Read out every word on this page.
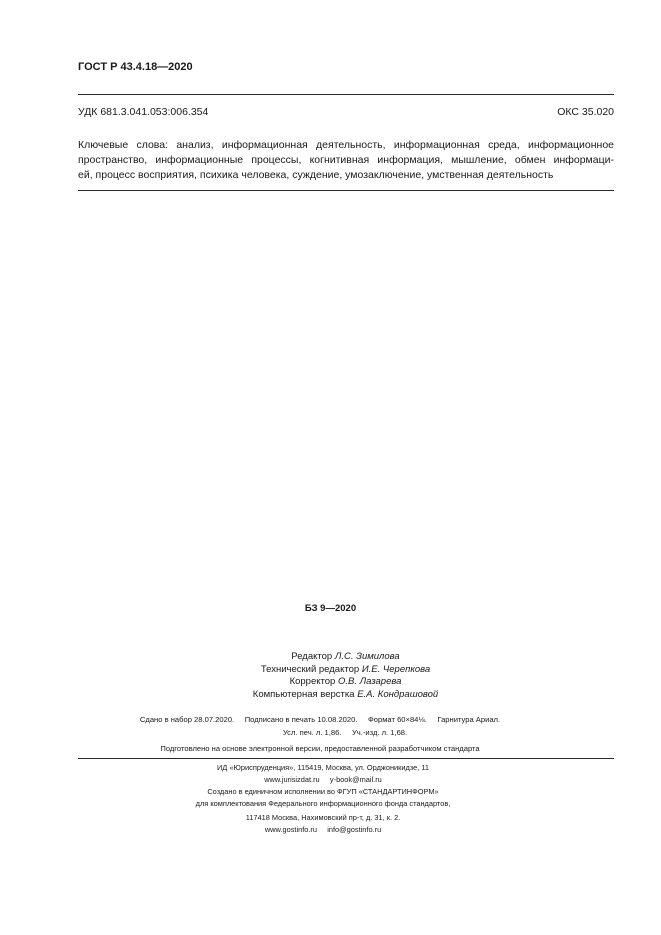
ГОСТ Р 43.4.18—2020
УДК 681.3.041.053:006.354	ОКС 35.020
Ключевые слова: анализ, информационная деятельность, информационная среда, информационное
пространство, информационные процессы, когнитивная информация, мышление, обмен информаци-
ей, процесс восприятия, психика человека, суждение, умозаключение, умственная деятельность
БЗ 9—2020
Редактор Л.С. Зимилова
Технический редактор И.Е. Черепкова
Корректор О.В. Лазарева
Компьютерная верстка Е.А. Кондрашовой
Сдано в набор 28.07.2020.     Подписано в печать 10.08.2020.     Формат 60×84⅛.     Гарнитура Ариал.
Усл. печ. л. 1,86.     Уч.-изд. л. 1,68.
Подготовлено на основе электронной версии, предоставленной разработчиком стандарта
ИД «Юриспруденция», 115419, Москва, ул. Орджоникидзе, 11
www.jurisizdat.ru     y-book@mail.ru
Создано в единичном исполнении во ФГУП «СТАНДАРТИНФОРМ»
для комплектования Федерального информационного фонда стандартов,
117418 Москва, Нахимовский пр-т, д. 31, к. 2.
www.gostinfo.ru     info@gostinfo.ru
